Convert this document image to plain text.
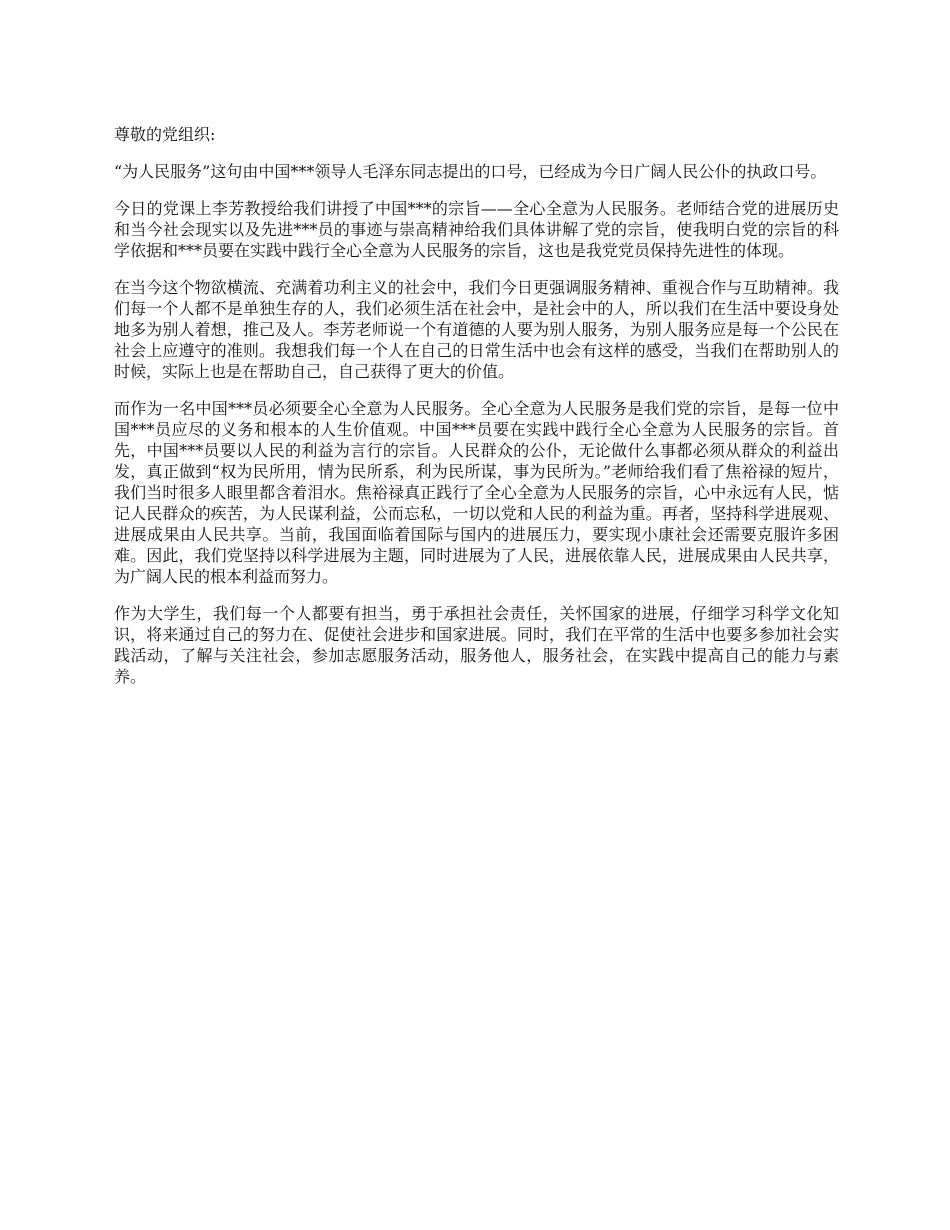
尊敬的党组织:

“为人民服务”这句由中国***领导人毛泽东同志提出的口号，已经成为今日广阔人民公仆的执政口号。

今日的党课上李芳教授给我们讲授了中国***的宗旨——全心全意为人民服务。老师结合党的进展历史和当今社会现实以及先进***员的事迹与崇高精神给我们具体讲解了党的宗旨，使我明白党的宗旨的科学依据和***员要在实践中践行全心全意为人民服务的宗旨，这也是我党党员保持先进性的体现。

在当今这个物欲横流、充满着功利主义的社会中，我们今日更强调服务精神、重视合作与互助精神。我们每一个人都不是单独生存的人，我们必须生活在社会中，是社会中的人，所以我们在生活中要设身处地多为别人着想，推己及人。李芳老师说一个有道德的人要为别人服务，为别人服务应是每一个公民在社会上应遵守的准则。我想我们每一个人在自己的日常生活中也会有这样的感受，当我们在帮助别人的时候，实际上也是在帮助自己，自己获得了更大的价值。

而作为一名中国***员必须要全心全意为人民服务。全心全意为人民服务是我们党的宗旨，是每一位中国***员应尽的义务和根本的人生价值观。中国***员要在实践中践行全心全意为人民服务的宗旨。首先，中国***员要以人民的利益为言行的宗旨。人民群众的公仆，无论做什么事都必须从群众的利益出发，真正做到“权为民所用，情为民所系，利为民所谋，事为民所为。”老师给我们看了焦裕禄的短片，我们当时很多人眼里都含着泪水。焦裕禄真正践行了全心全意为人民服务的宗旨，心中永远有人民，惦记人民群众的疾苦，为人民谋利益，公而忘私，一切以党和人民的利益为重。再者，坚持科学进展观、进展成果由人民共享。当前，我国面临着国际与国内的进展压力，要实现小康社会还需要克服许多困难。因此，我们党坚持以科学进展为主题，同时进展为了人民，进展依靠人民，进展成果由人民共享，为广阔人民的根本利益而努力。

作为大学生，我们每一个人都要有担当，勇于承担社会责任，关怀国家的进展，仔细学习科学文化知识，将来通过自己的努力在、促使社会进步和国家进展。同时，我们在平常的生活中也要多参加社会实践活动，了解与关注社会，参加志愿服务活动，服务他人，服务社会，在实践中提高自己的能力与素养。
